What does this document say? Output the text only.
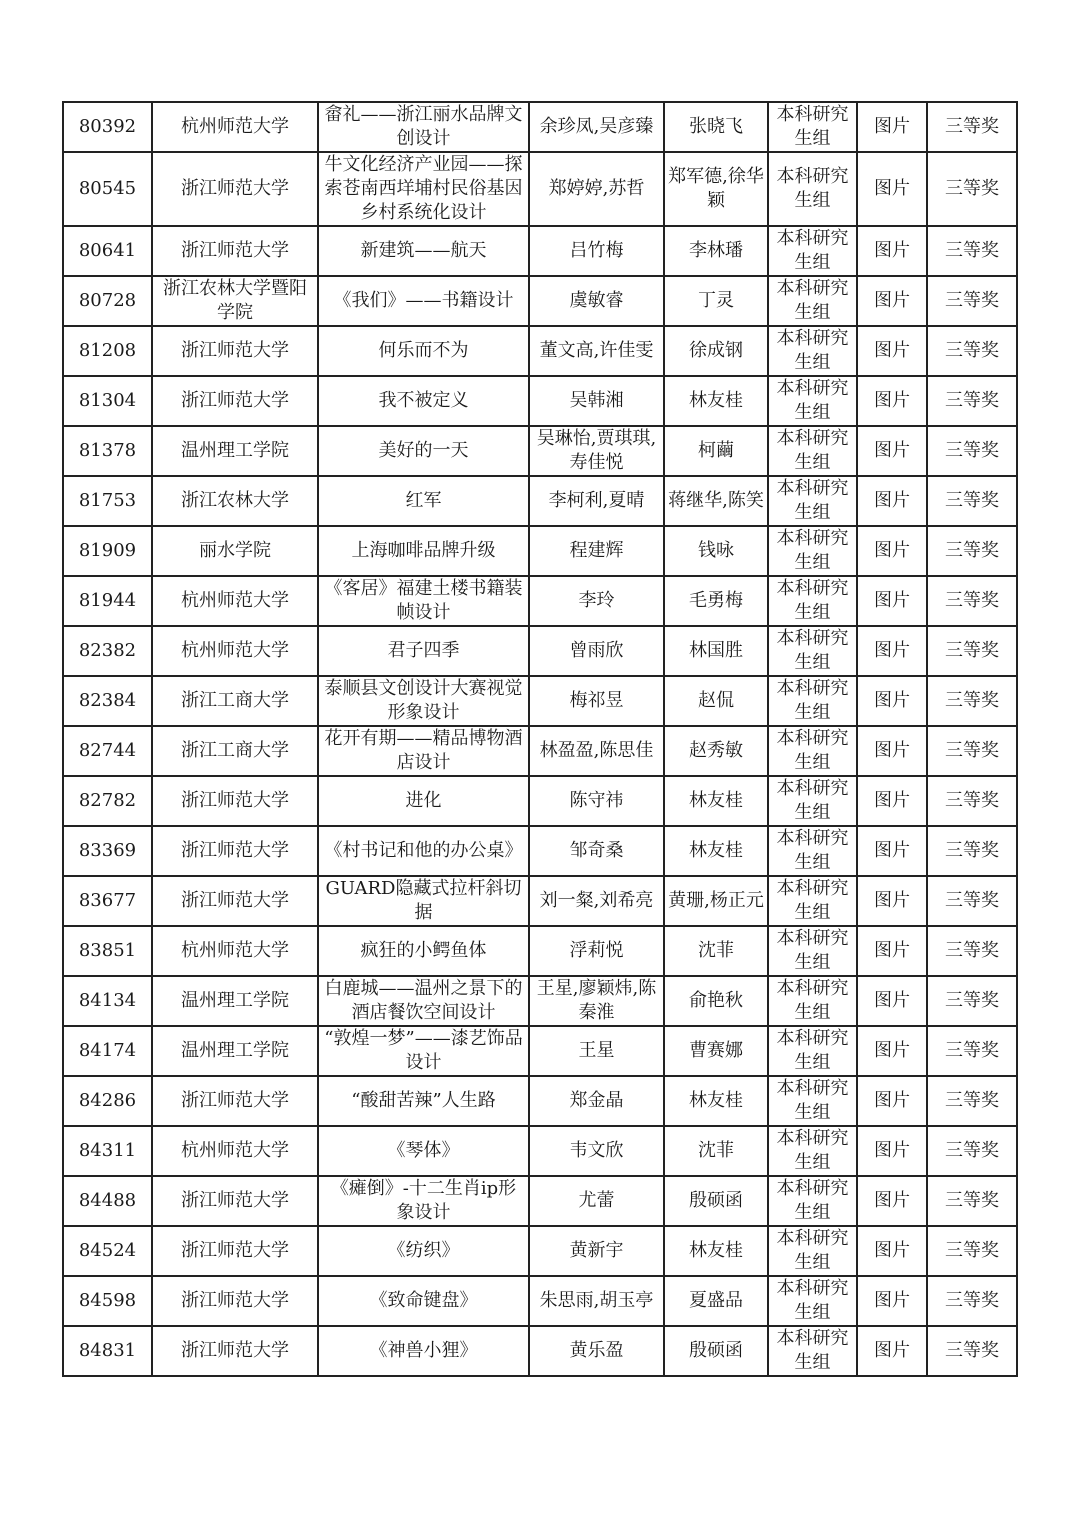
80392	杭州师范大学	畲礼——浙江丽水品牌文创设计	余珍凤,吴彦臻	张晓飞	本科研究生组	图片	三等奖
80545	浙江师范大学	牛文化经济产业园——探索苍南西垟埔村民俗基因乡村系统化设计	郑婷婷,苏哲	郑军德,徐华颖	本科研究生组	图片	三等奖
80641	浙江师范大学	新建筑——航天	吕竹梅	李林璠	本科研究生组	图片	三等奖
80728	浙江农林大学暨阳学院	《我们》——书籍设计	虞敏睿	丁灵	本科研究生组	图片	三等奖
81208	浙江师范大学	何乐而不为	董文高,许佳雯	徐成钢	本科研究生组	图片	三等奖
81304	浙江师范大学	我不被定义	吴韩湘	林友桂	本科研究生组	图片	三等奖
81378	温州理工学院	美好的一天	吴琳怡,贾琪琪,寿佳悦	柯繭	本科研究生组	图片	三等奖
81753	浙江农林大学	红军	李柯利,夏晴	蒋继华,陈笑	本科研究生组	图片	三等奖
81909	丽水学院	上海咖啡品牌升级	程建辉	钱咏	本科研究生组	图片	三等奖
81944	杭州师范大学	《客居》福建土楼书籍装帧设计	李玲	毛勇梅	本科研究生组	图片	三等奖
82382	杭州师范大学	君子四季	曾雨欣	林国胜	本科研究生组	图片	三等奖
82384	浙江工商大学	泰顺县文创设计大赛视觉形象设计	梅祁昱	赵侃	本科研究生组	图片	三等奖
82744	浙江工商大学	花开有期——精品博物酒店设计	林盈盈,陈思佳	赵秀敏	本科研究生组	图片	三等奖
82782	浙江师范大学	进化	陈守祎	林友桂	本科研究生组	图片	三等奖
83369	浙江师范大学	《村书记和他的办公桌》	邹奇桑	林友桂	本科研究生组	图片	三等奖
83677	浙江师范大学	GUARD隐藏式拉杆斜切据	刘一粲,刘希亮	黄珊,杨正元	本科研究生组	图片	三等奖
83851	杭州师范大学	疯狂的小鳄鱼体	浮莉悦	沈菲	本科研究生组	图片	三等奖
84134	温州理工学院	白鹿城——温州之景下的酒店餐饮空间设计	王星,廖颖炜,陈秦淮	俞艳秋	本科研究生组	图片	三等奖
84174	温州理工学院	“敦煌一梦”——漆艺饰品设计	王星	曹赛娜	本科研究生组	图片	三等奖
84286	浙江师范大学	“酸甜苦辣”人生路	郑金晶	林友桂	本科研究生组	图片	三等奖
84311	杭州师范大学	《琴体》	韦文欣	沈菲	本科研究生组	图片	三等奖
84488	浙江师范大学	《瘫倒》-十二生肖ip形象设计	尤蕾	殷硕函	本科研究生组	图片	三等奖
84524	浙江师范大学	《纺织》	黄新宇	林友桂	本科研究生组	图片	三等奖
84598	浙江师范大学	《致命键盘》	朱思雨,胡玉亭	夏盛品	本科研究生组	图片	三等奖
84831	浙江师范大学	《神兽小狸》	黄乐盈	殷硕函	本科研究生组	图片	三等奖
